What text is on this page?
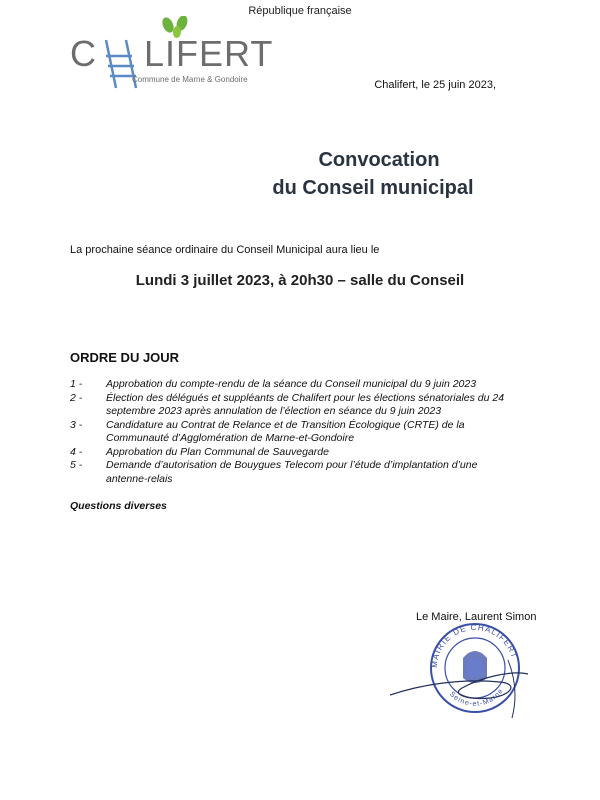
République française
C LIFERT
Commune de Marne & Gondoire	Chalifert, le 25 juin 2023,
Convocation
du Conseil municipal
La prochaine séance ordinaire du Conseil Municipal aura lieu le
Lundi 3 juillet 2023, à 20h30 – salle du Conseil
ORDRE DU JOUR
1 -	Approbation du compte-rendu de la séance du Conseil municipal du 9 juin 2023
2 -	Élection des délégués et suppléants de Chalifert pour les élections sénatoriales du 24 septembre 2023 après annulation de l’élection en séance du 9 juin 2023
3 -	Candidature au Contrat de Relance et de Transition Écologique (CRTE) de la Communauté d’Agglomération de Marne-et-Gondoire
4 -	Approbation du Plan Communal de Sauvegarde
5 -	Demande d’autorisation de Bouygues Telecom pour l’étude d’implantation d’une antenne-relais
Questions diverses
MAIRIE DE CHALIFERT
Seine-et-Marne
Le Maire, Laurent Simon
